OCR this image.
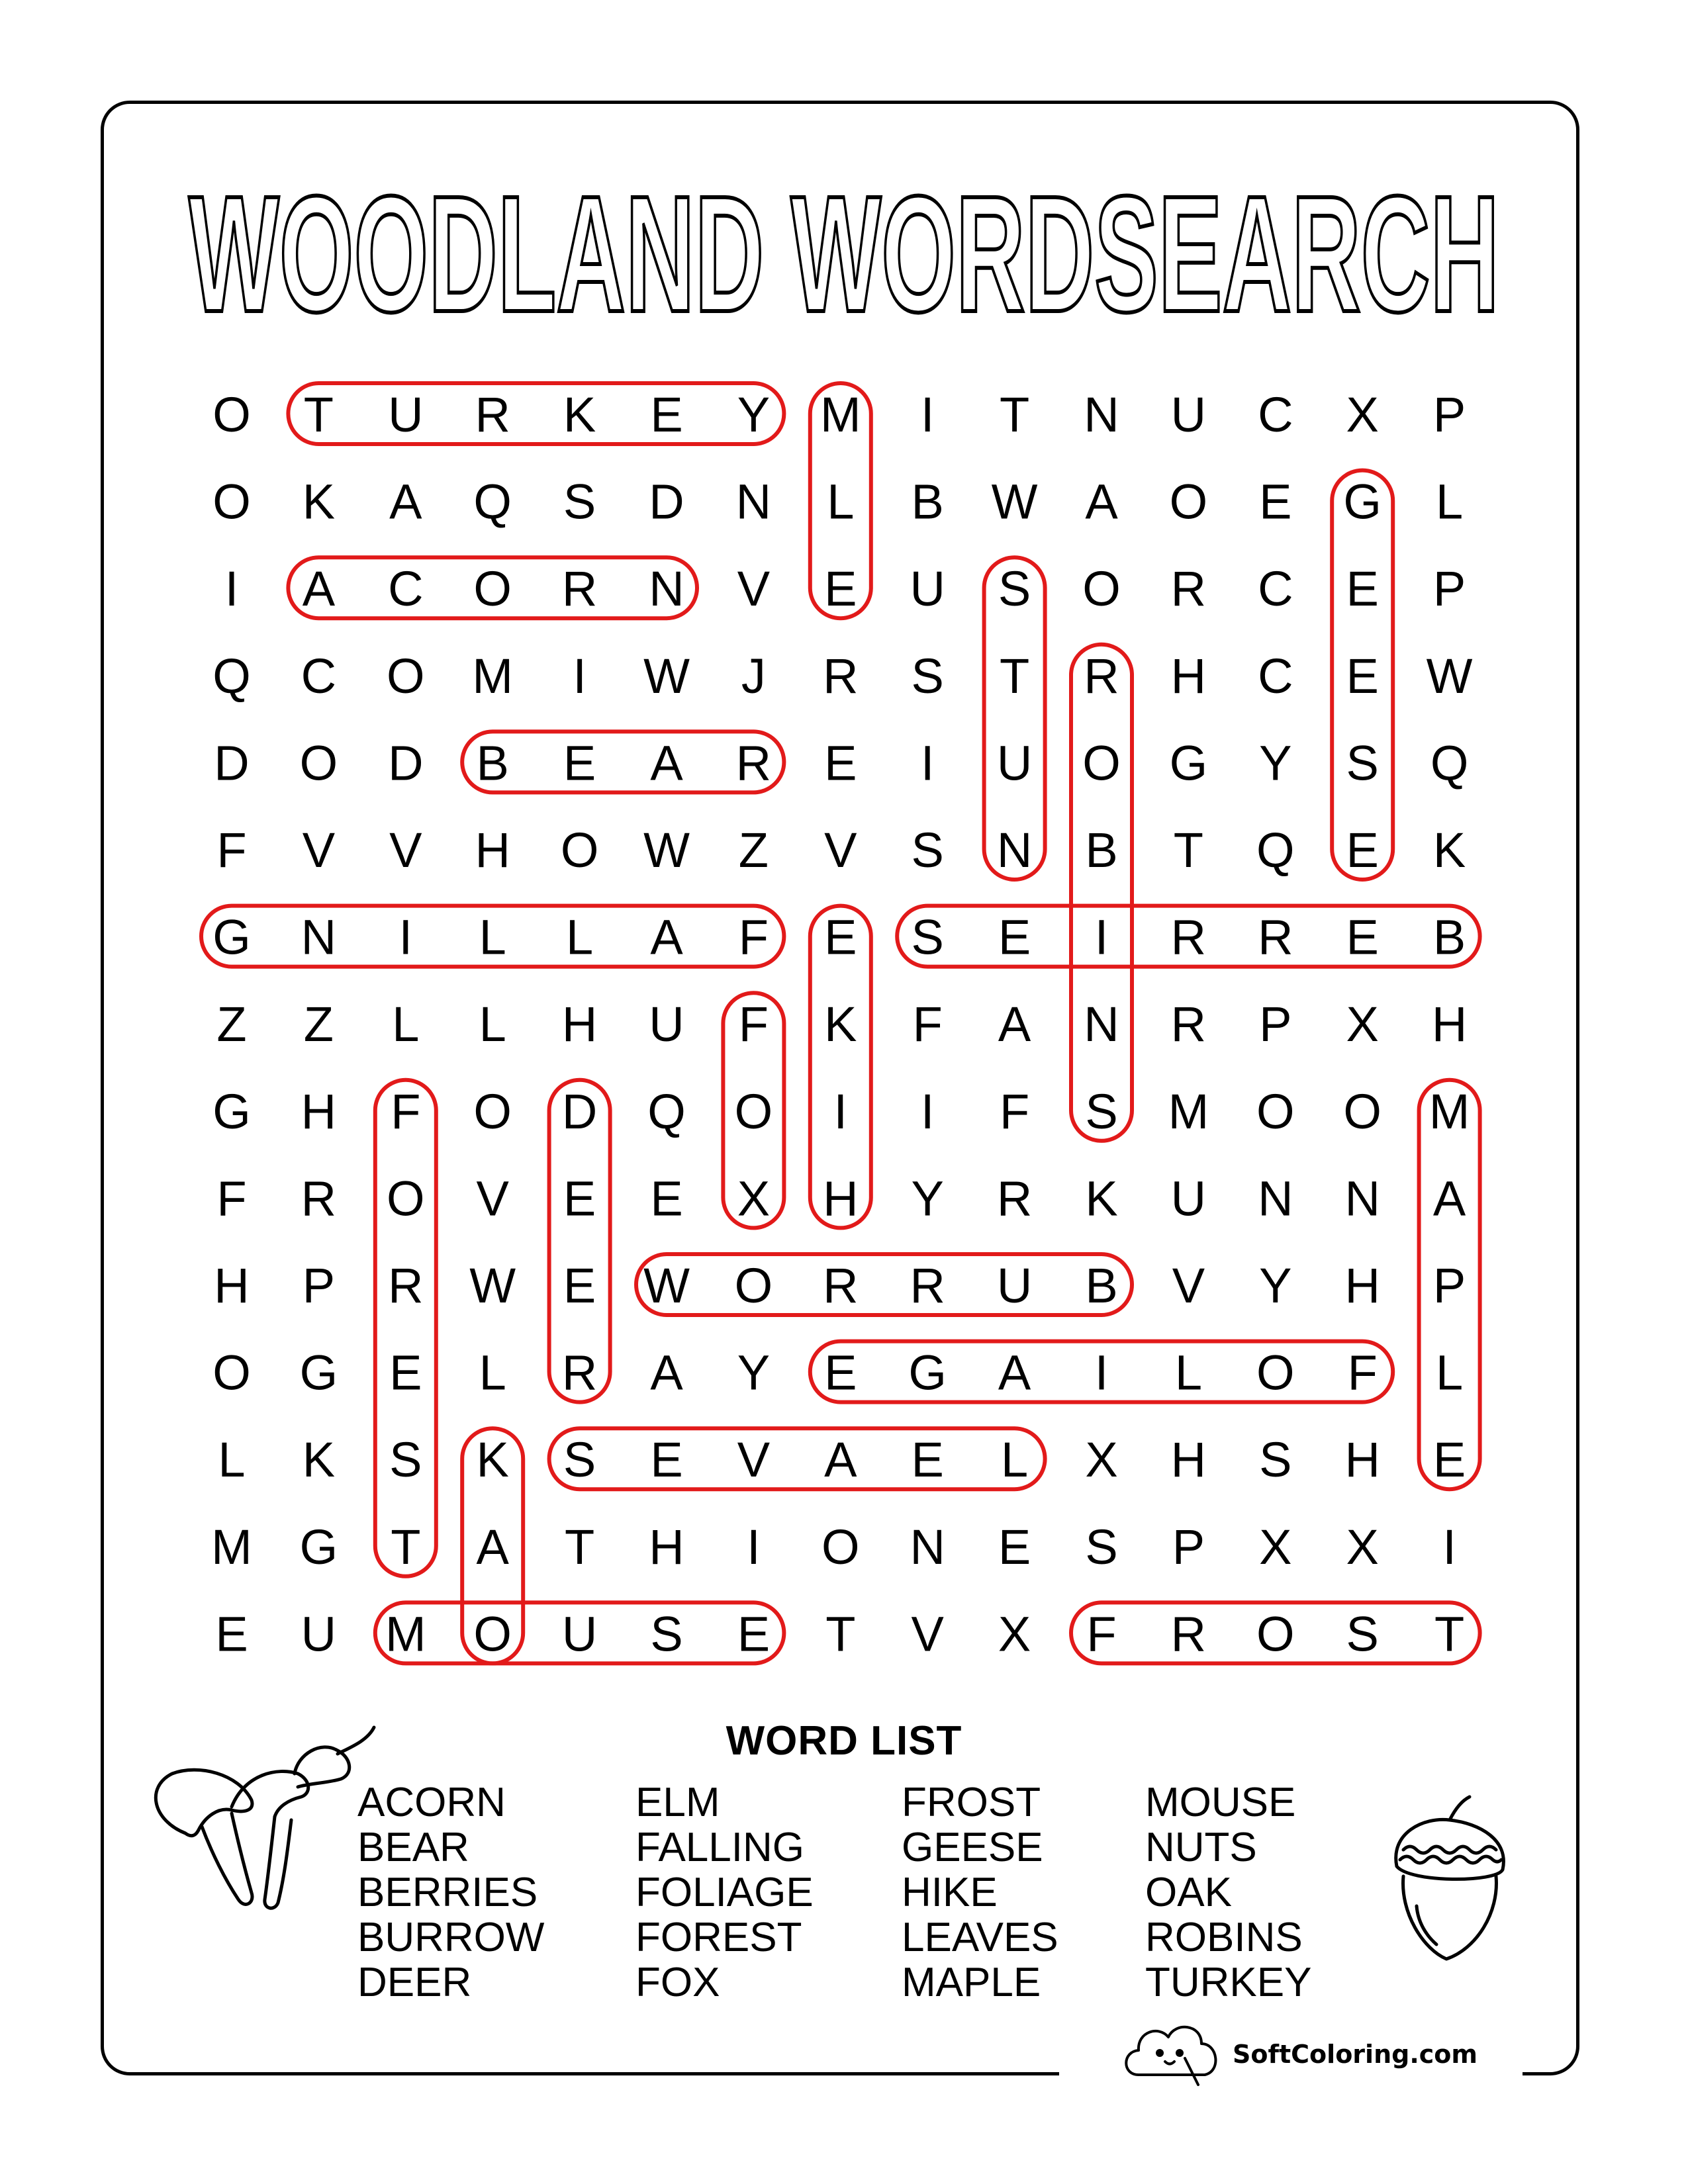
WOODLAND WORDSEARCH
O T U R K E Y M I T N U C X P
O K A Q S D N L B W A O E G L
I A C O R N V E U S O R C E P
Q C O M I W J R S T R H C E W
D O D B E A R E I U O G Y S Q
F V V H O W Z V S N B T Q E K
G N I L L A F E S E I R R E B
Z Z L L H U F K F A N R P X H
G H F O D Q O I I F S M O O M
F R O V E E X H Y R K U N N A
H P R W E W O R R U B V Y H P
O G E L R A Y E G A I L O F L
L K S K S E V A E L X H S H E
M G T A T H I O N E S P X X I
E U M O U S E T V X F R O S T
WORD LIST
ACORN
BEAR
BERRIES
BURROW
DEER
ELM
FALLING
FOLIAGE
FOREST
FOX
FROST
GEESE
HIKE
LEAVES
MAPLE
MOUSE
NUTS
OAK
ROBINS
TURKEY
SoftColoring.com
